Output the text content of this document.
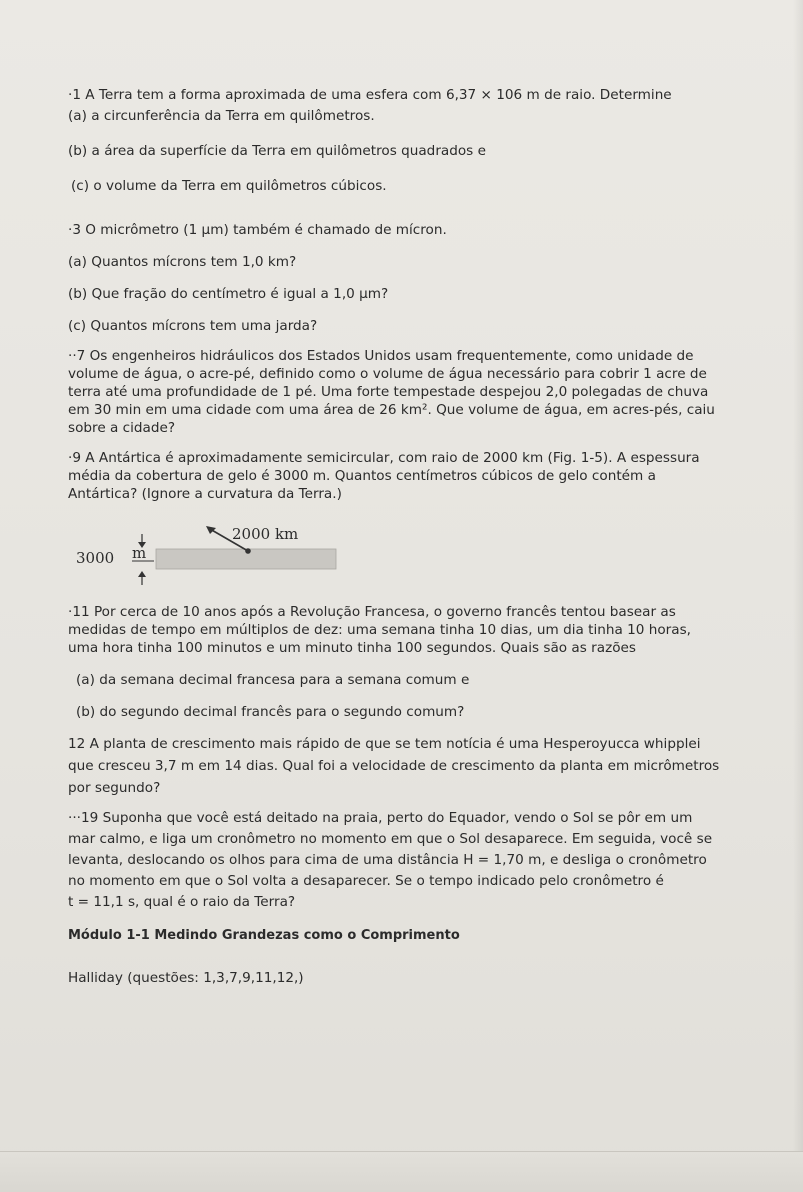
·1 A Terra tem a forma aproximada de uma esfera com 6,37 × 106 m de raio. Determine
(a) a circunferência da Terra em quilômetros.
(b) a área da superfície da Terra em quilômetros quadrados e
(c) o volume da Terra em quilômetros cúbicos.
·3 O micrômetro (1 μm) também é chamado de mícron.
(a) Quantos mícrons tem 1,0 km?
(b) Que fração do centímetro é igual a 1,0 μm?
(c) Quantos mícrons tem uma jarda?
··7 Os engenheiros hidráulicos dos Estados Unidos usam frequentemente, como unidade de
volume de água, o acre-pé, definido como o volume de água necessário para cobrir 1 acre de
terra até uma profundidade de 1 pé. Uma forte tempestade despejou 2,0 polegadas de chuva
em 30 min em uma cidade com uma área de 26 km². Que volume de água, em acres-pés, caiu
sobre a cidade?
·9 A Antártica é aproximadamente semicircular, com raio de 2000 km (Fig. 1-5). A espessura
média da cobertura de gelo é 3000 m. Quantos centímetros cúbicos de gelo contém a
Antártica? (Ignore a curvatura da Terra.)
3000 m
2000 km
·11 Por cerca de 10 anos após a Revolução Francesa, o governo francês tentou basear as
medidas de tempo em múltiplos de dez: uma semana tinha 10 dias, um dia tinha 10 horas,
uma hora tinha 100 minutos e um minuto tinha 100 segundos. Quais são as razões
(a) da semana decimal francesa para a semana comum e
(b) do segundo decimal francês para o segundo comum?
12 A planta de crescimento mais rápido de que se tem notícia é uma Hesperoyucca whipplei
que cresceu 3,7 m em 14 dias. Qual foi a velocidade de crescimento da planta em micrômetros
por segundo?
···19 Suponha que você está deitado na praia, perto do Equador, vendo o Sol se pôr em um
mar calmo, e liga um cronômetro no momento em que o Sol desaparece. Em seguida, você se
levanta, deslocando os olhos para cima de uma distância H = 1,70 m, e desliga o cronômetro
no momento em que o Sol volta a desaparecer. Se o tempo indicado pelo cronômetro é
t = 11,1 s, qual é o raio da Terra?
Módulo 1-1 Medindo Grandezas como o Comprimento
Halliday (questões: 1,3,7,9,11,12,)
